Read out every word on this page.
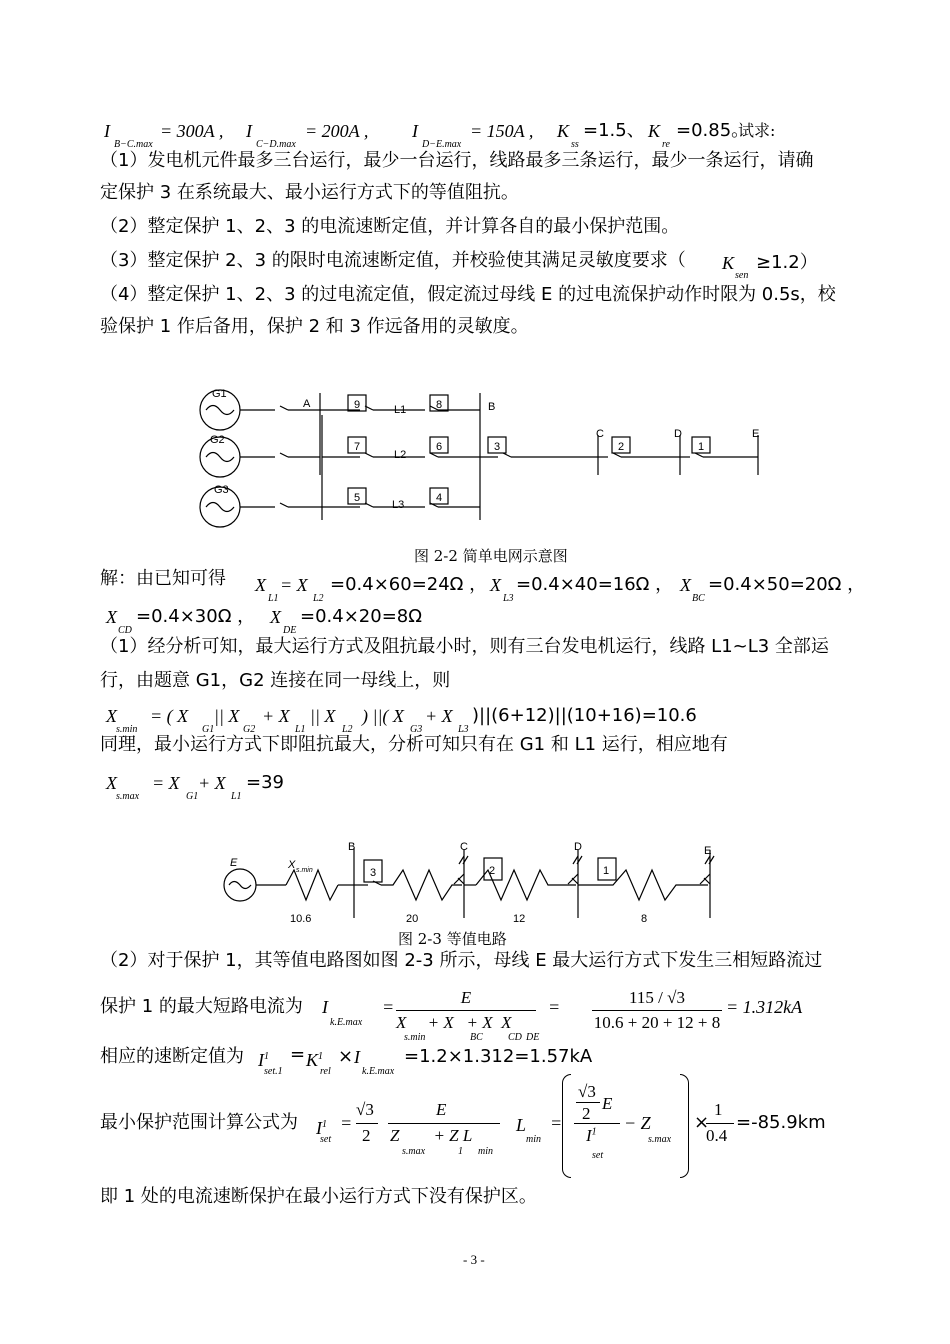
I
B−C.max
= 300A , I
C−D.max
= 200A , I
D−E.max
= 150A , K
ss
=1.5、 K
re
=0.85。
试求:
（1）发电机元件最多三台运行，最少一台运行，线路最多三条运行，最少一条运行，请确
定保护 3 在系统最大、最小运行方式下的等值阻抗。
（2）整定保护 1、2、3 的电流速断定值，并计算各自的最小保护范围。
（3）整定保护 2、3 的限时电流速断定值，并校验使其满足灵敏度要求（ K
sen
≥1.2）
（4）整定保护 1、2、3 的过电流定值，假定流过母线 E 的过电流保护动作时限为 0.5s，校
验保护 1 作后备用，保护 2 和 3 作远备用的灵敏度。
G1
G2
G3
A	B
C	D	E
L1
L2
L3
9	8
7	6
5	4
3	2	1
图 2-2 简单电网示意图
解：由已知可得 X
L1
= X
L2
=0.4×60=24Ω ， X
L3
=0.4×40=16Ω ， X
BC
=0.4×50=20Ω ，
X
CD
=0.4×30Ω ， X
DE
=0.4×20=8Ω
（1）经分析可知，最大运行方式及阻抗最小时，则有三台发电机运行，线路 L1~L3 全部运
行，由题意 G1，G2 连接在同一母线上，则
X
s.min
= ( X
G1
|| X
G2
+ X
L1
|| X
L2
) ||( X
G3
+ X
L3
)||(6+12)||(10+16)=10.6
同理，最小运行方式下即阻抗最大，分析可知只有在 G1 和 L1 运行，相应地有
X
s.max
= X
G1
+ X
L1
=39
E	X s.min
B	C	D	E
3	2	1
10.6	20	12	8
图 2-3 等值电路
（2）对于保护 1，其等值电路图如图 2-3 所示，母线 E 最大运行方式下发生三相短路流过
保护 1 的最大短路电流为 I
k.E.max
=	E
X     + X   + X  X
s.min	BC	CD DE
=	115 / √3
10.6 + 20 + 12 + 8
= 1.312kA
相应的速断定值为 $I^1$
set.1
= $K^1$
rel
× I
k.E.max
=1.2×1.312=1.57kA
最小保护范围计算公式为 $I^1$
set
=
√3
2
E
Z        + Z L
s.max	1 min
L
min
=
√3
2
E
$I^1$
set
− Z
s.max
×
1
0.4
=-85.9km
即 1 处的电流速断保护在最小运行方式下没有保护区。
- 3 -
